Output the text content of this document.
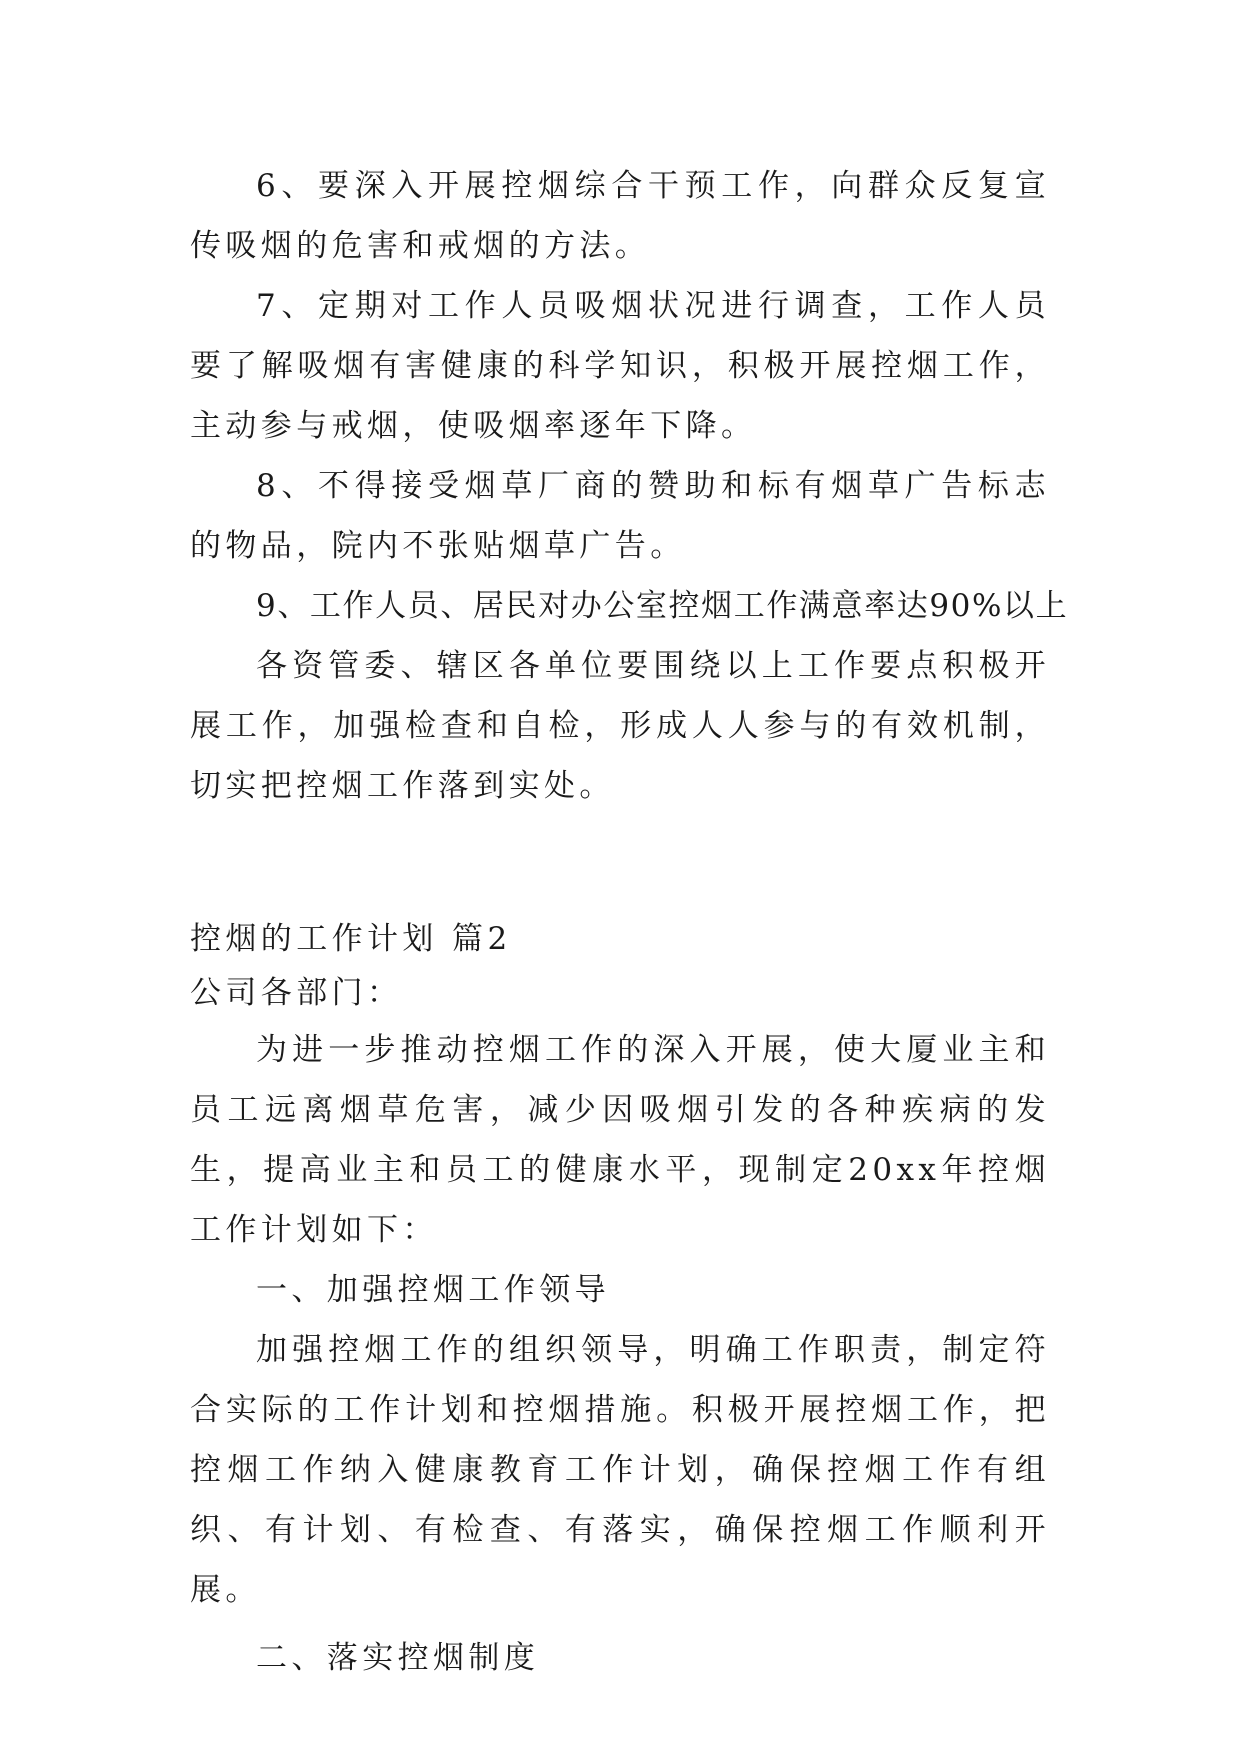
6、要深入开展控烟综合干预工作，向群众反复宣传吸烟的危害和戒烟的方法。

7、定期对工作人员吸烟状况进行调查，工作人员要了解吸烟有害健康的科学知识，积极开展控烟工作，主动参与戒烟，使吸烟率逐年下降。

8、不得接受烟草厂商的赞助和标有烟草广告标志的物品，院内不张贴烟草广告。

9、工作人员、居民对办公室控烟工作满意率达90%以上

各资管委、辖区各单位要围绕以上工作要点积极开展工作，加强检查和自检，形成人人参与的有效机制，切实把控烟工作落到实处。

控烟的工作计划 篇2

公司各部门：

为进一步推动控烟工作的深入开展，使大厦业主和员工远离烟草危害，减少因吸烟引发的各种疾病的发生，提高业主和员工的健康水平，现制定20xx年控烟工作计划如下：

一、加强控烟工作领导

加强控烟工作的组织领导，明确工作职责，制定符合实际的工作计划和控烟措施。积极开展控烟工作，把控烟工作纳入健康教育工作计划，确保控烟工作有组织、有计划、有检查、有落实，确保控烟工作顺利开展。

二、落实控烟制度
